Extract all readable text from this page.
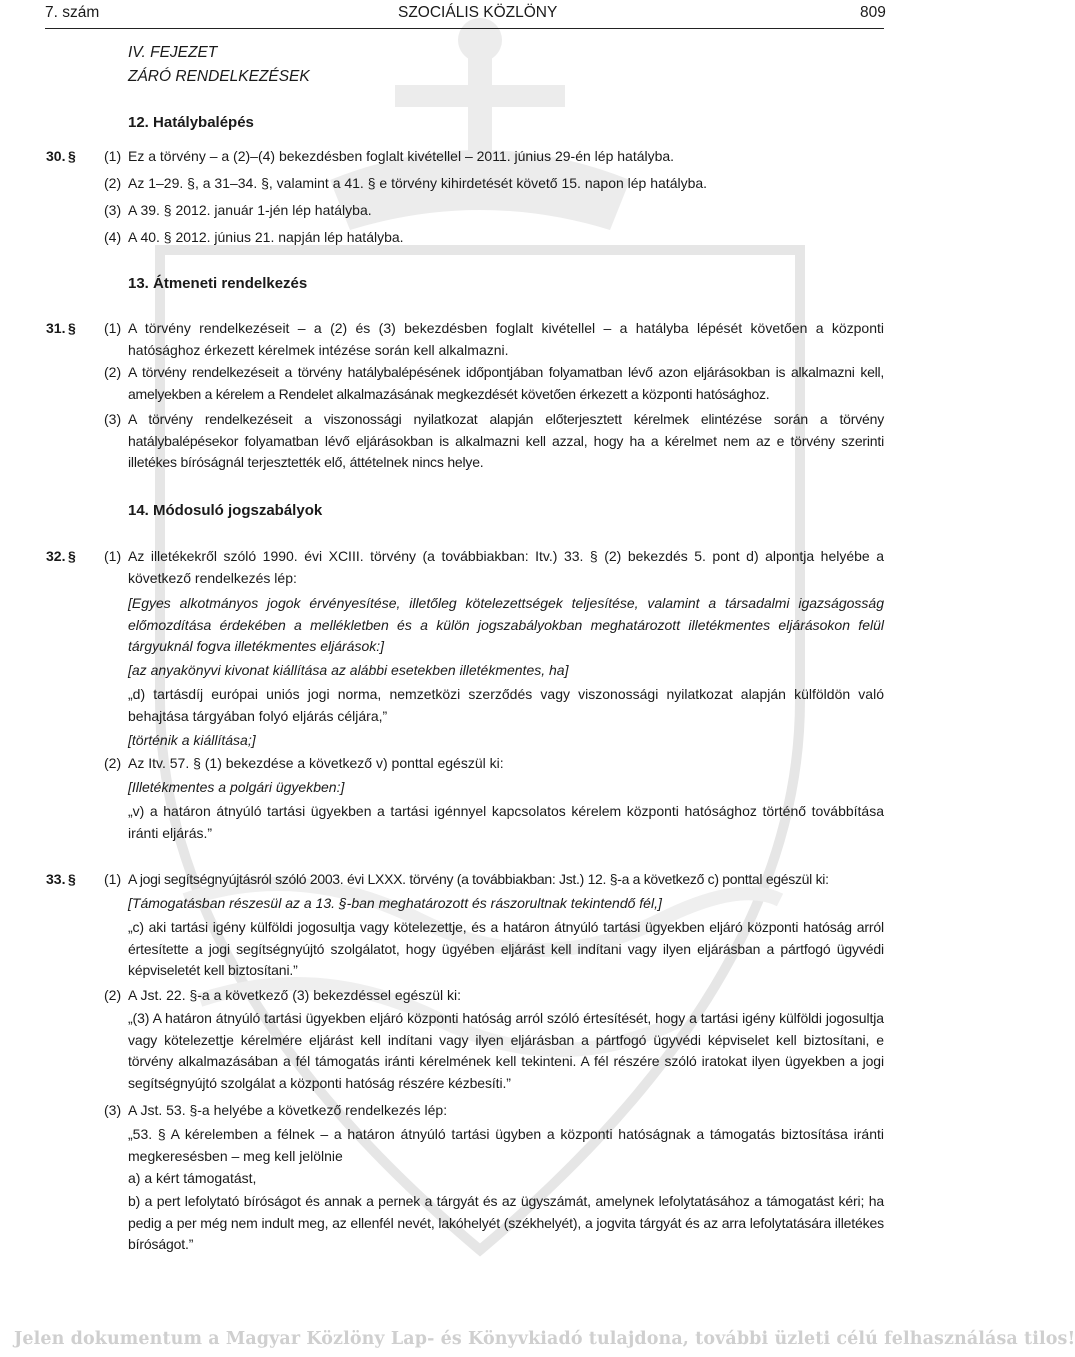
7. szám	SZOCIÁLIS KÖZLÖNY	809
IV. FEJEZET
ZÁRÓ RENDELKEZÉSEK
12. Hatálybalépés
30. § (1) Ez a törvény – a (2)–(4) bekezdésben foglalt kivétellel – 2011. június 29-én lép hatályba.
(2) Az 1–29. §, a 31–34. §, valamint a 41. § e törvény kihirdetését követő 15. napon lép hatályba.
(3) A 39. § 2012. január 1-jén lép hatályba.
(4) A 40. § 2012. június 21. napján lép hatályba.
13. Átmeneti rendelkezés
31. § (1) A törvény rendelkezéseit – a (2) és (3) bekezdésben foglalt kivétellel – a hatályba lépését követően a központi hatósághoz érkezett kérelmek intézése során kell alkalmazni.
(2) A törvény rendelkezéseit a törvény hatálybalépésének időpontjában folyamatban lévő azon eljárásokban is alkalmazni kell, amelyekben a kérelem a Rendelet alkalmazásának megkezdését követően érkezett a központi hatósághoz.
(3) A törvény rendelkezéseit a viszonossági nyilatkozat alapján előterjesztett kérelmek elintézése során a törvény hatálybalépésekor folyamatban lévő eljárásokban is alkalmazni kell azzal, hogy ha a kérelmet nem az e törvény szerinti illetékes bíróságnál terjesztették elő, áttételnek nincs helye.
14. Módosuló jogszabályok
32. § (1) Az illetékekről szóló 1990. évi XCIII. törvény (a továbbiakban: Itv.) 33. § (2) bekezdés 5. pont d) alpontja helyébe a következő rendelkezés lép:
[Egyes alkotmányos jogok érvényesítése, illetőleg kötelezettségek teljesítése, valamint a társadalmi igazságosság előmozdítása érdekében a mellékletben és a külön jogszabályokban meghatározott illetékmentes eljárásokon felül tárgyuknál fogva illetékmentes eljárások:]
[az anyakönyvi kivonat kiállítása az alábbi esetekben illetékmentes, ha]
„d) tartásdíj európai uniós jogi norma, nemzetközi szerződés vagy viszonossági nyilatkozat alapján külföldön való behajtása tárgyában folyó eljárás céljára,”
[történik a kiállítása;]
(2) Az Itv. 57. § (1) bekezdése a következő v) ponttal egészül ki:
[Illetékmentes a polgári ügyekben:]
„v) a határon átnyúló tartási ügyekben a tartási igénnyel kapcsolatos kérelem központi hatósághoz történő továbbítása iránti eljárás.”
33. § (1) A jogi segítségnyújtásról szóló 2003. évi LXXX. törvény (a továbbiakban: Jst.) 12. §-a a következő c) ponttal egészül ki:
[Támogatásban részesül az a 13. §-ban meghatározott és rászorultnak tekintendő fél,]
„c) aki tartási igény külföldi jogosultja vagy kötelezettje, és a határon átnyúló tartási ügyekben eljáró központi hatóság arról értesítette a jogi segítségnyújtó szolgálatot, hogy ügyében eljárást kell indítani vagy ilyen eljárásban a pártfogó ügyvédi képviseletét kell biztosítani.”
(2) A Jst. 22. §-a a következő (3) bekezdéssel egészül ki:
„(3) A határon átnyúló tartási ügyekben eljáró központi hatóság arról szóló értesítését, hogy a tartási igény külföldi jogosultja vagy kötelezettje kérelmére eljárást kell indítani vagy ilyen eljárásban a pártfogó ügyvédi képviselet kell biztosítani, e törvény alkalmazásában a fél támogatás iránti kérelmének kell tekinteni. A fél részére szóló iratokat ilyen ügyekben a jogi segítségnyújtó szolgálat a központi hatóság részére kézbesíti.”
(3) A Jst. 53. §-a helyébe a következő rendelkezés lép:
„53. § A kérelemben a félnek – a határon átnyúló tartási ügyben a központi hatóságnak a támogatás biztosítása iránti megkeresésben – meg kell jelölnie
a) a kért támogatást,
b) a pert lefolytató bíróságot és annak a pernek a tárgyát és az ügyszámát, amelynek lefolytatásához a támogatást kéri; ha pedig a per még nem indult meg, az ellenfél nevét, lakóhelyét (székhelyét), a jogvita tárgyát és az arra lefolytatására illetékes bíróságot.”
Jelen dokumentum a Magyar Közlöny Lap- és Könyvkiadó tulajdona, további üzleti célú felhasználása tilos!
